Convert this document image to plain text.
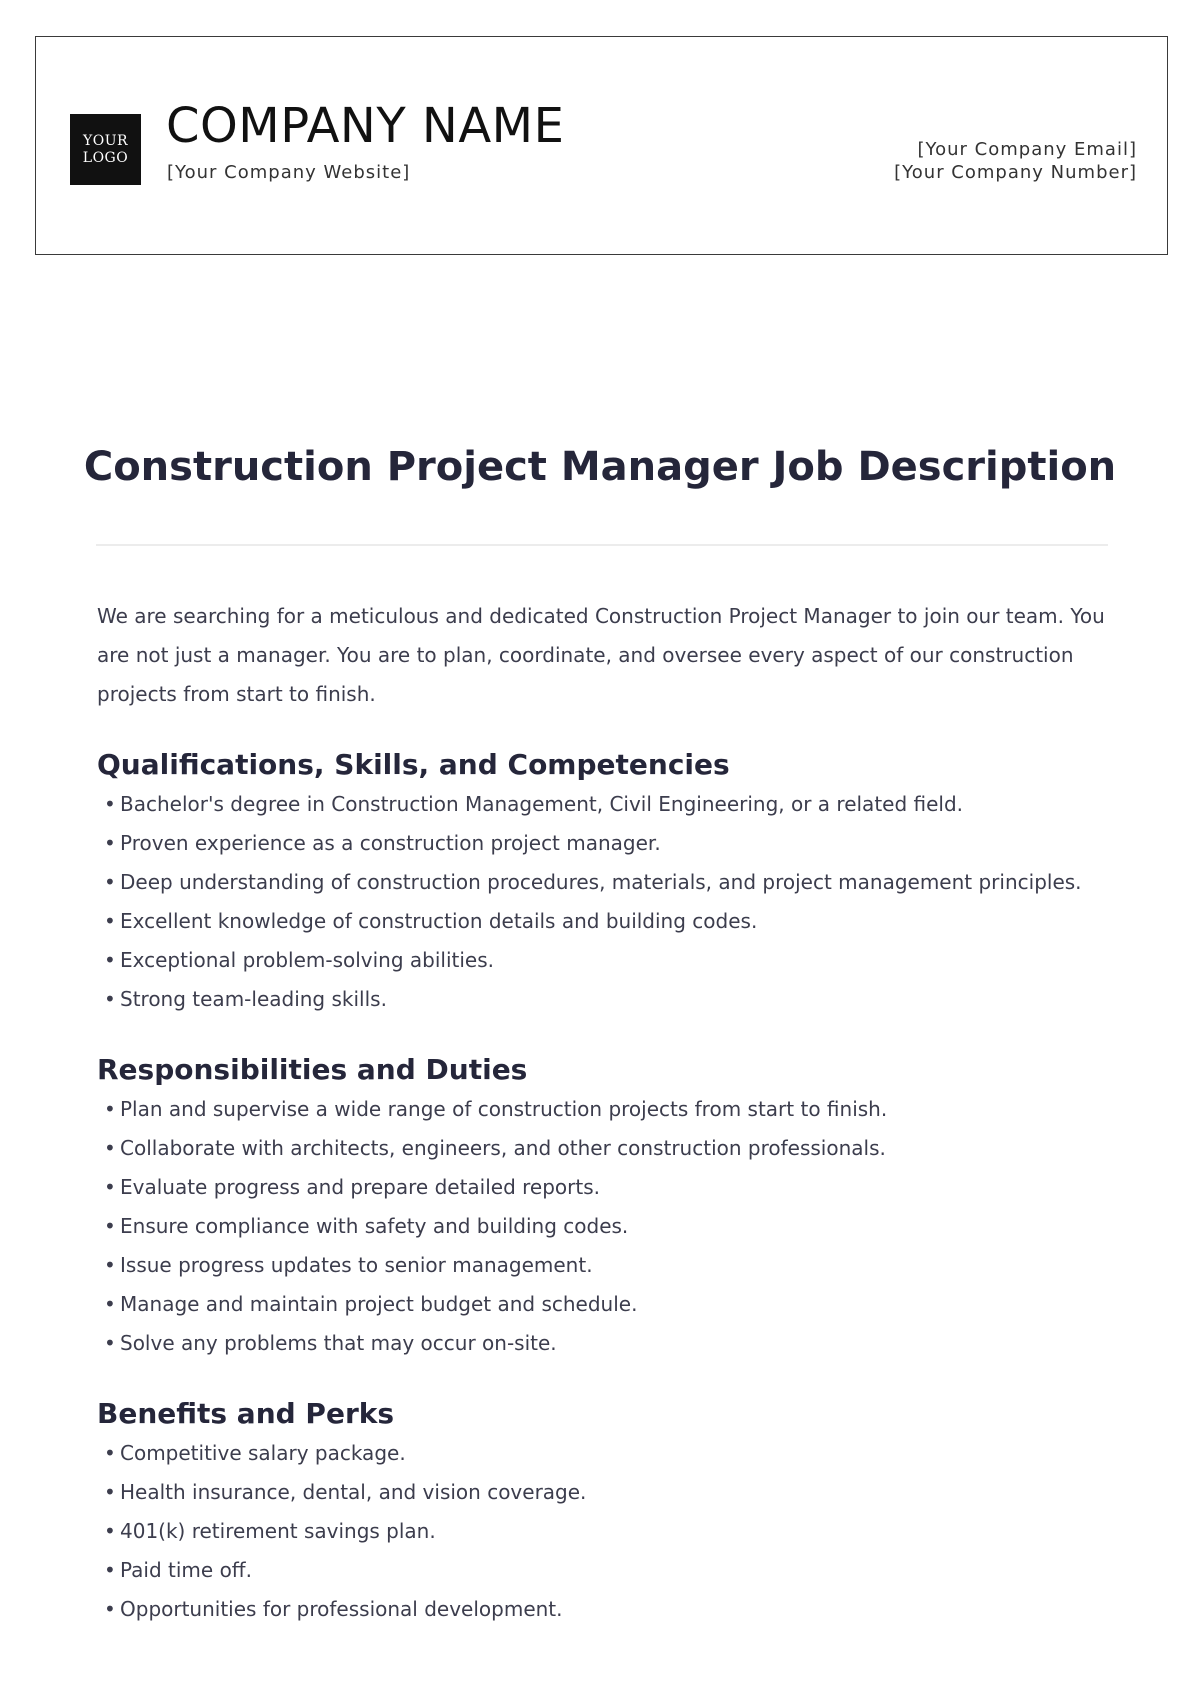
YOUR
LOGO
COMPANY NAME
[Your Company Website]
[Your Company Email]
[Your Company Number]
Construction Project Manager Job Description

We are searching for a meticulous and dedicated Construction Project Manager to join our team. You are not just a manager. You are to plan, coordinate, and oversee every aspect of our construction projects from start to finish.

Qualifications, Skills, and Competencies
• Bachelor's degree in Construction Management, Civil Engineering, or a related field.
• Proven experience as a construction project manager.
• Deep understanding of construction procedures, materials, and project management principles.
• Excellent knowledge of construction details and building codes.
• Exceptional problem-solving abilities.
• Strong team-leading skills.
Responsibilities and Duties
• Plan and supervise a wide range of construction projects from start to finish.
• Collaborate with architects, engineers, and other construction professionals.
• Evaluate progress and prepare detailed reports.
• Ensure compliance with safety and building codes.
• Issue progress updates to senior management.
• Manage and maintain project budget and schedule.
• Solve any problems that may occur on-site.
Benefits and Perks
• Competitive salary package.
• Health insurance, dental, and vision coverage.
• 401(k) retirement savings plan.
• Paid time off.
• Opportunities for professional development.
